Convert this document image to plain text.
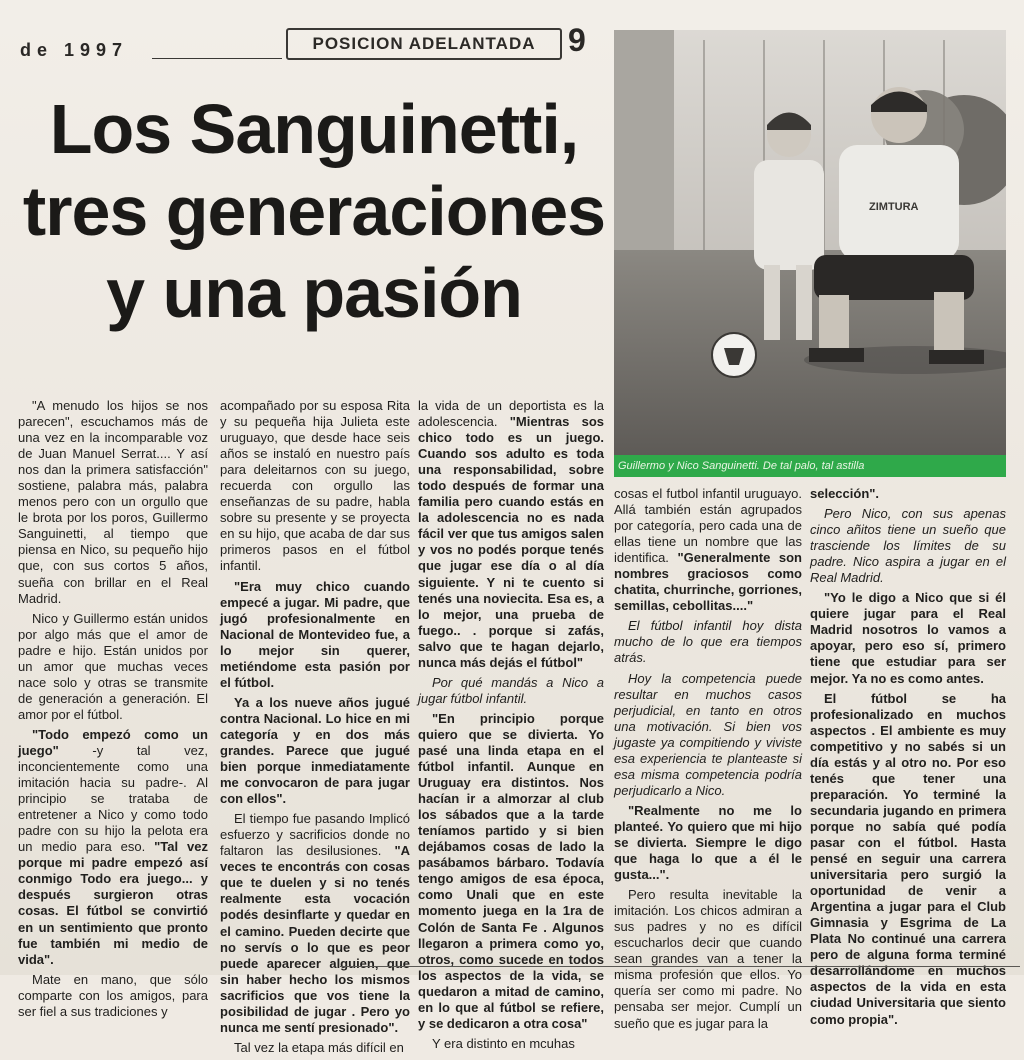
de 1997	POSICION ADELANTADA 9
Los Sanguinetti,
tres generaciones
y una pasión
ZIMTURA
Guillermo y Nico Sanguinetti. De tal palo, tal astilla

"A menudo los hijos se nos parecen", escuchamos más de una vez en la incomparable voz de Juan Manuel Serrat.... Y así nos dan la primera satisfacción" sostiene, palabra más, palabra menos pero con un orgullo que le brota por los poros, Guillermo Sanguinetti, al tiempo que piensa en Nico, su pequeño hijo que, con sus cortos 5 años, sueña con brillar en el Real Madrid.

Nico y Guillermo están unidos por algo más que el amor de padre e hijo. Están unidos por un amor que muchas veces nace solo y otras se transmite de generación a generación. El amor por el fútbol.

"Todo empezó como un juego" -y tal vez, inconcientemente como una imitación hacia su padre-. Al principio se trataba de entretener a Nico y como todo padre con su hijo la pelota era un medio para eso. "Tal vez porque mi padre empezó así conmigo Todo era juego... y después surgieron otras cosas. El fútbol se convirtió en un sentimiento que pronto fue también mi medio de vida".

Mate en mano, que sólo comparte con los amigos, para ser fiel a sus tradiciones y

acompañado por su esposa Rita y su pequeña hija Julieta este uruguayo, que desde hace seis años se instaló en nuestro país para deleitarnos con su juego, recuerda con orgullo las enseñanzas de su padre, habla sobre su presente y se proyecta en su hijo, que acaba de dar sus primeros pasos en el fútbol infantil.

"Era muy chico cuando empecé a jugar. Mi padre, que jugó profesionalmente en Nacional de Montevideo fue, a lo mejor sin querer, metiéndome esta pasión por el fútbol.

Ya a los nueve años jugué contra Nacional. Lo hice en mi categoría y en dos más grandes. Parece que jugué bien porque inmediatamente me convocaron de para jugar con ellos".

El tiempo fue pasando Implicó esfuerzo y sacrificios donde no faltaron las desilusiones. "A veces te encontrás con cosas que te duelen y si no tenés realmente esta vocación podés desinflarte y quedar en el camino. Pueden decirte que no servís o lo que es peor puede aparecer alguien, que sin haber hecho los mismos sacrificios que vos tiene la posibilidad de jugar . Pero yo nunca me sentí presionado".

Tal vez la etapa más difícil en

la vida de un deportista es la adolescencia. "Mientras sos chico todo es un juego. Cuando sos adulto es toda una responsabilidad, sobre todo después de formar una familia pero cuando estás en la adolescencia no es nada fácil ver que tus amigos salen y vos no podés porque tenés que jugar ese día o al día siguiente. Y ni te cuento si tenés una noviecita. Esa es, a lo mejor, una prueba de fuego.. . porque si zafás, salvo que te hagan dejarlo, nunca más dejás el fútbol"

Por qué mandás a Nico a jugar fútbol infantil.

"En principio porque quiero que se divierta. Yo pasé una linda etapa en el fútbol infantil. Aunque en Uruguay era distintos. Nos hacían ir a almorzar al club los sábados que a la tarde teníamos partido y si bien dejábamos cosas de lado la pasábamos bárbaro. Todavía tengo amigos de esa época, como Unali que en este momento juega en la 1ra de Colón de Santa Fe . Algunos llegaron a primera como yo, otros, como sucede en todos los aspectos de la vida, se quedaron a mitad de camino, en lo que al fútbol se refiere, y se dedicaron a otra cosa"

Y era distinto en mcuhas

cosas el futbol infantil uruguayo. Allá también están agrupados por categoría, pero cada una de ellas tiene un nombre que las identifica. "Generalmente son nombres graciosos como chatita, churrinche, gorriones, semillas, cebollitas...."

El fútbol infantil hoy dista mucho de lo que era tiempos atrás.

Hoy la competencia puede resultar en muchos casos perjudicial, en tanto en otros una motivación. Si bien vos jugaste ya compitiendo y viviste esa experiencia te planteaste si esa misma competencia podría perjudicarlo a Nico.

"Realmente no me lo planteé. Yo quiero que mi hijo se divierta. Siempre le digo que haga lo que a él le gusta...".

Pero resulta inevitable la imitación. Los chicos admiran a sus padres y no es difícil escucharlos decir que cuando sean grandes van a tener la misma profesión que ellos. Yo quería ser como mi padre. No pensaba ser mejor. Cumplí un sueño que es jugar para la

selección".

Pero Nico, con sus apenas cinco añitos tiene un sueño que trasciende los límites de su padre. Nico aspira a jugar en el Real Madrid.

"Yo le digo a Nico que si él quiere jugar para el Real Madrid nosotros lo vamos a apoyar, pero eso sí, primero tiene que estudiar para ser mejor. Ya no es como antes.

El fútbol se ha profesionalizado en muchos aspectos . El ambiente es muy competitivo y no sabés si un día estás y al otro no. Por eso tenés que tener una preparación. Yo terminé la secundaria jugando en primera porque no sabía qué podía pasar con el fútbol. Hasta pensé en seguir una carrera universitaria pero surgió la oportunidad de venir a Argentina a jugar para el Club Gimnasia y Esgrima de La Plata No continué una carrera pero de alguna forma terminé desarrollándome en muchos aspectos de la vida en esta ciudad Universitaria que siento como propia".
